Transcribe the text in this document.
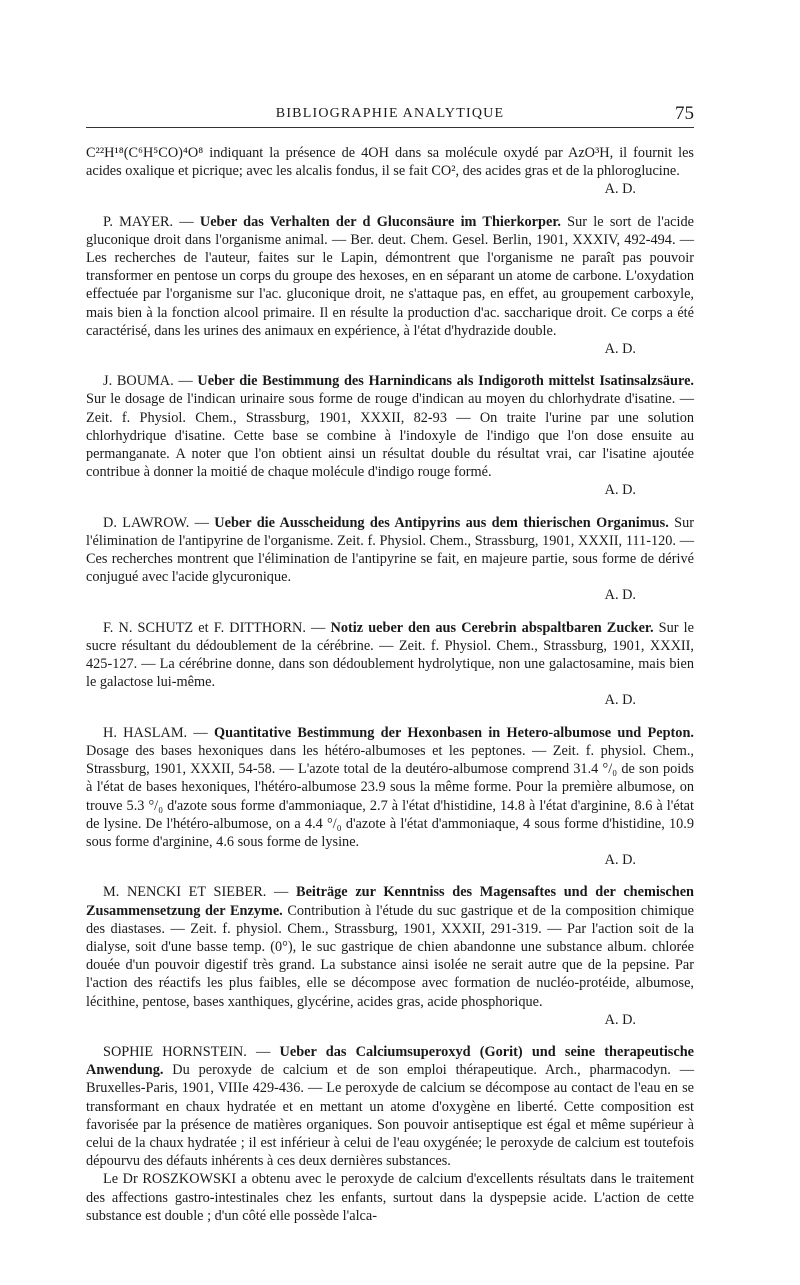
BIBLIOGRAPHIE ANALYTIQUE	75

C²²H¹⁸(C⁶H⁵CO)⁴O⁸ indiquant la présence de 4OH dans sa molécule oxydé par AzO³H, il fournit les acides oxalique et picrique; avec les alcalis fondus, il se fait CO², des acides gras et de la phloroglucine.
A. D.

P. MAYER. — Ueber das Verhalten der d Gluconsäure im Thierkorper. Sur le sort de l'acide gluconique droit dans l'organisme animal. — Ber. deut. Chem. Gesel. Berlin, 1901, XXXIV, 492-494. — Les recherches de l'auteur, faites sur le Lapin, démontrent que l'organisme ne paraît pas pouvoir transformer en pentose un corps du groupe des hexoses, en en séparant un atome de carbone. L'oxydation effectuée par l'organisme sur l'ac. gluconique droit, ne s'attaque pas, en effet, au groupement carboxyle, mais bien à la fonction alcool primaire. Il en résulte la production d'ac. saccharique droit. Ce corps a été caractérisé, dans les urines des animaux en expérience, à l'état d'hydrazide double.
A. D.

J. BOUMA. — Ueber die Bestimmung des Harnindicans als Indigoroth mittelst Isatinsalzsäure. Sur le dosage de l'indican urinaire sous forme de rouge d'indican au moyen du chlorhydrate d'isatine. — Zeit. f. Physiol. Chem., Strassburg, 1901, XXXII, 82-93 — On traite l'urine par une solution chlorhydrique d'isatine. Cette base se combine à l'indoxyle de l'indigo que l'on dose ensuite au permanganate. A noter que l'on obtient ainsi un résultat double du résultat vrai, car l'isatine ajoutée contribue à donner la moitié de chaque molécule d'indigo rouge formé.
A. D.

D. LAWROW. — Ueber die Ausscheidung des Antipyrins aus dem thierischen Organimus. Sur l'élimination de l'antipyrine de l'organisme. Zeit. f. Physiol. Chem., Strassburg, 1901, XXXII, 111-120. — Ces recherches montrent que l'élimination de l'antipyrine se fait, en majeure partie, sous forme de dérivé conjugué avec l'acide glycuronique.
A. D.

F. N. SCHUTZ et F. DITTHORN. — Notiz ueber den aus Cerebrin abspaltbaren Zucker. Sur le sucre résultant du dédoublement de la cérébrine. — Zeit. f. Physiol. Chem., Strassburg, 1901, XXXII, 425-127. — La cérébrine donne, dans son dédoublement hydrolytique, non une galactosamine, mais bien le galactose lui-même.
A. D.

H. HASLAM. — Quantitative Bestimmung der Hexonbasen in Hetero-albumose und Pepton. Dosage des bases hexoniques dans les hétéro-albumoses et les peptones. — Zeit. f. physiol. Chem., Strassburg, 1901, XXXII, 54-58. — L'azote total de la deutéro-albumose comprend 31.4 °/₀ de son poids à l'état de bases hexoniques, l'hétéro-albumose 23.9 sous la même forme. Pour la première albumose, on trouve 5.3 °/₀ d'azote sous forme d'ammoniaque, 2.7 à l'état d'histidine, 14.8 à l'état d'arginine, 8.6 à l'état de lysine. De l'hétéro-albumose, on a 4.4 °/₀ d'azote à l'état d'ammoniaque, 4 sous forme d'histidine, 10.9 sous forme d'arginine, 4.6 sous forme de lysine.
A. D.

M. NENCKI ET SIEBER. — Beiträge zur Kenntniss des Magensaftes und der chemischen Zusammensetzung der Enzyme. Contribution à l'étude du suc gastrique et de la composition chimique des diastases. — Zeit. f. physiol. Chem., Strassburg, 1901, XXXII, 291-319. — Par l'action soit de la dialyse, soit d'une basse temp. (0°), le suc gastrique de chien abandonne une substance album. chlorée douée d'un pouvoir digestif très grand. La substance ainsi isolée ne serait autre que de la pepsine. Par l'action des réactifs les plus faibles, elle se décompose avec formation de nucléo-protéide, albumose, lécithine, pentose, bases xanthiques, glycérine, acides gras, acide phosphorique.
A. D.

SOPHIE HORNSTEIN. — Ueber das Calciumsuperoxyd (Gorit) und seine therapeutische Anwendung. Du peroxyde de calcium et de son emploi thérapeutique. Arch., pharmacodyn. — Bruxelles-Paris, 1901, VIIIe 429-436. — Le peroxyde de calcium se décompose au contact de l'eau en se transformant en chaux hydratée et en mettant un atome d'oxygène en liberté. Cette composition est favorisée par la présence de matières organiques. Son pouvoir antiseptique est égal et même supérieur à celui de la chaux hydratée ; il est inférieur à celui de l'eau oxygénée; le peroxyde de calcium est toutefois dépourvu des défauts inhérents à ces deux dernières substances.

Le Dr ROSZKOWSKI a obtenu avec le peroxyde de calcium d'excellents résultats dans le traitement des affections gastro-intestinales chez les enfants, surtout dans la dyspepsie acide. L'action de cette substance est double ; d'un côté elle possède l'alca-
